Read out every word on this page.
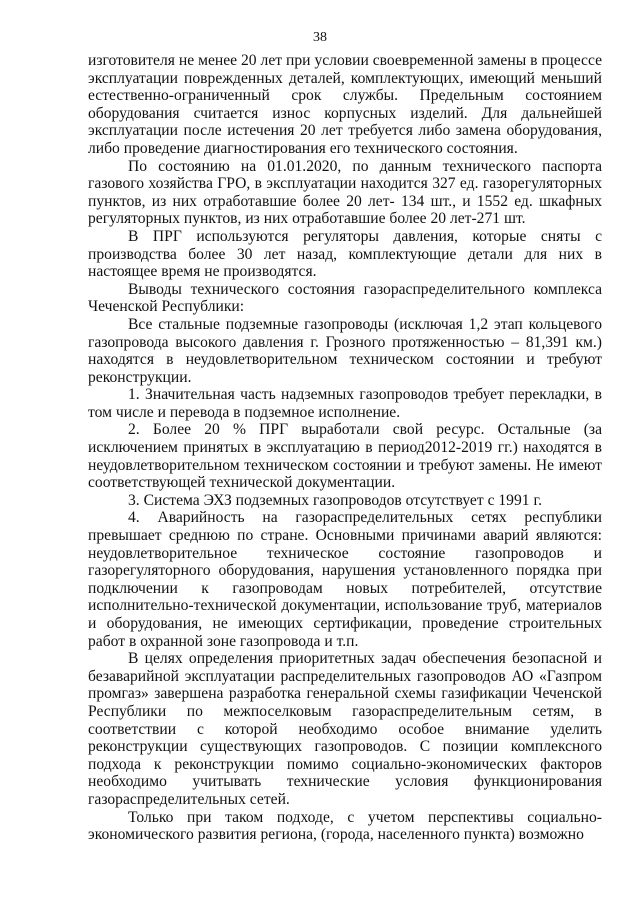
38

изготовителя не менее 20 лет при условии своевременной замены в процессе эксплуатации поврежденных деталей, комплектующих, имеющий меньший естественно-ограниченный срок службы. Предельным состоянием оборудования считается износ корпусных изделий. Для дальнейшей эксплуатации после истечения 20 лет требуется либо замена оборудования, либо проведение диагностирования его технического состояния.

По состоянию на 01.01.2020, по данным технического паспорта газового хозяйства ГРО, в эксплуатации находится 327 ед. газорегуляторных пунктов, из них отработавшие более 20 лет- 134 шт., и 1552 ед. шкафных регуляторных пунктов, из них отработавшие более 20 лет-271 шт.

В ПРГ используются регуляторы давления, которые сняты с производства более 30 лет назад, комплектующие детали для них в настоящее время не производятся.

Выводы технического состояния газораспределительного комплекса Чеченской Республики:

Все стальные подземные газопроводы (исключая 1,2 этап кольцевого газопровода высокого давления г. Грозного протяженностью – 81,391 км.) находятся в неудовлетворительном техническом состоянии и требуют реконструкции.

1. Значительная часть надземных газопроводов требует перекладки, в том числе и перевода в подземное исполнение.

2. Более 20 % ПРГ выработали свой ресурс. Остальные (за исключением принятых в эксплуатацию в период2012-2019 гг.) находятся в неудовлетворительном техническом состоянии и требуют замены. Не имеют соответствующей технической документации.

3. Система ЭХЗ подземных газопроводов отсутствует с 1991 г.

4. Аварийность на газораспределительных сетях республики превышает среднюю по стране. Основными причинами аварий являются: неудовлетворительное техническое состояние газопроводов и газорегуляторного оборудования, нарушения установленного порядка при подключении к газопроводам новых потребителей, отсутствие исполнительно-технической документации, использование труб, материалов и оборудования, не имеющих сертификации, проведение строительных работ в охранной зоне газопровода и т.п.

В целях определения приоритетных задач обеспечения безопасной и безаварийной эксплуатации распределительных газопроводов АО «Газпром промгаз» завершена разработка генеральной схемы газификации Чеченской Республики по межпоселковым газораспределительным сетям, в соответствии с которой необходимо особое внимание уделить реконструкции существующих газопроводов. С позиции комплексного подхода к реконструкции помимо социально-экономических факторов необходимо учитывать технические условия функционирования газораспределительных сетей.

Только при таком подходе, с учетом перспективы социально-экономического развития региона, (города, населенного пункта) возможно
